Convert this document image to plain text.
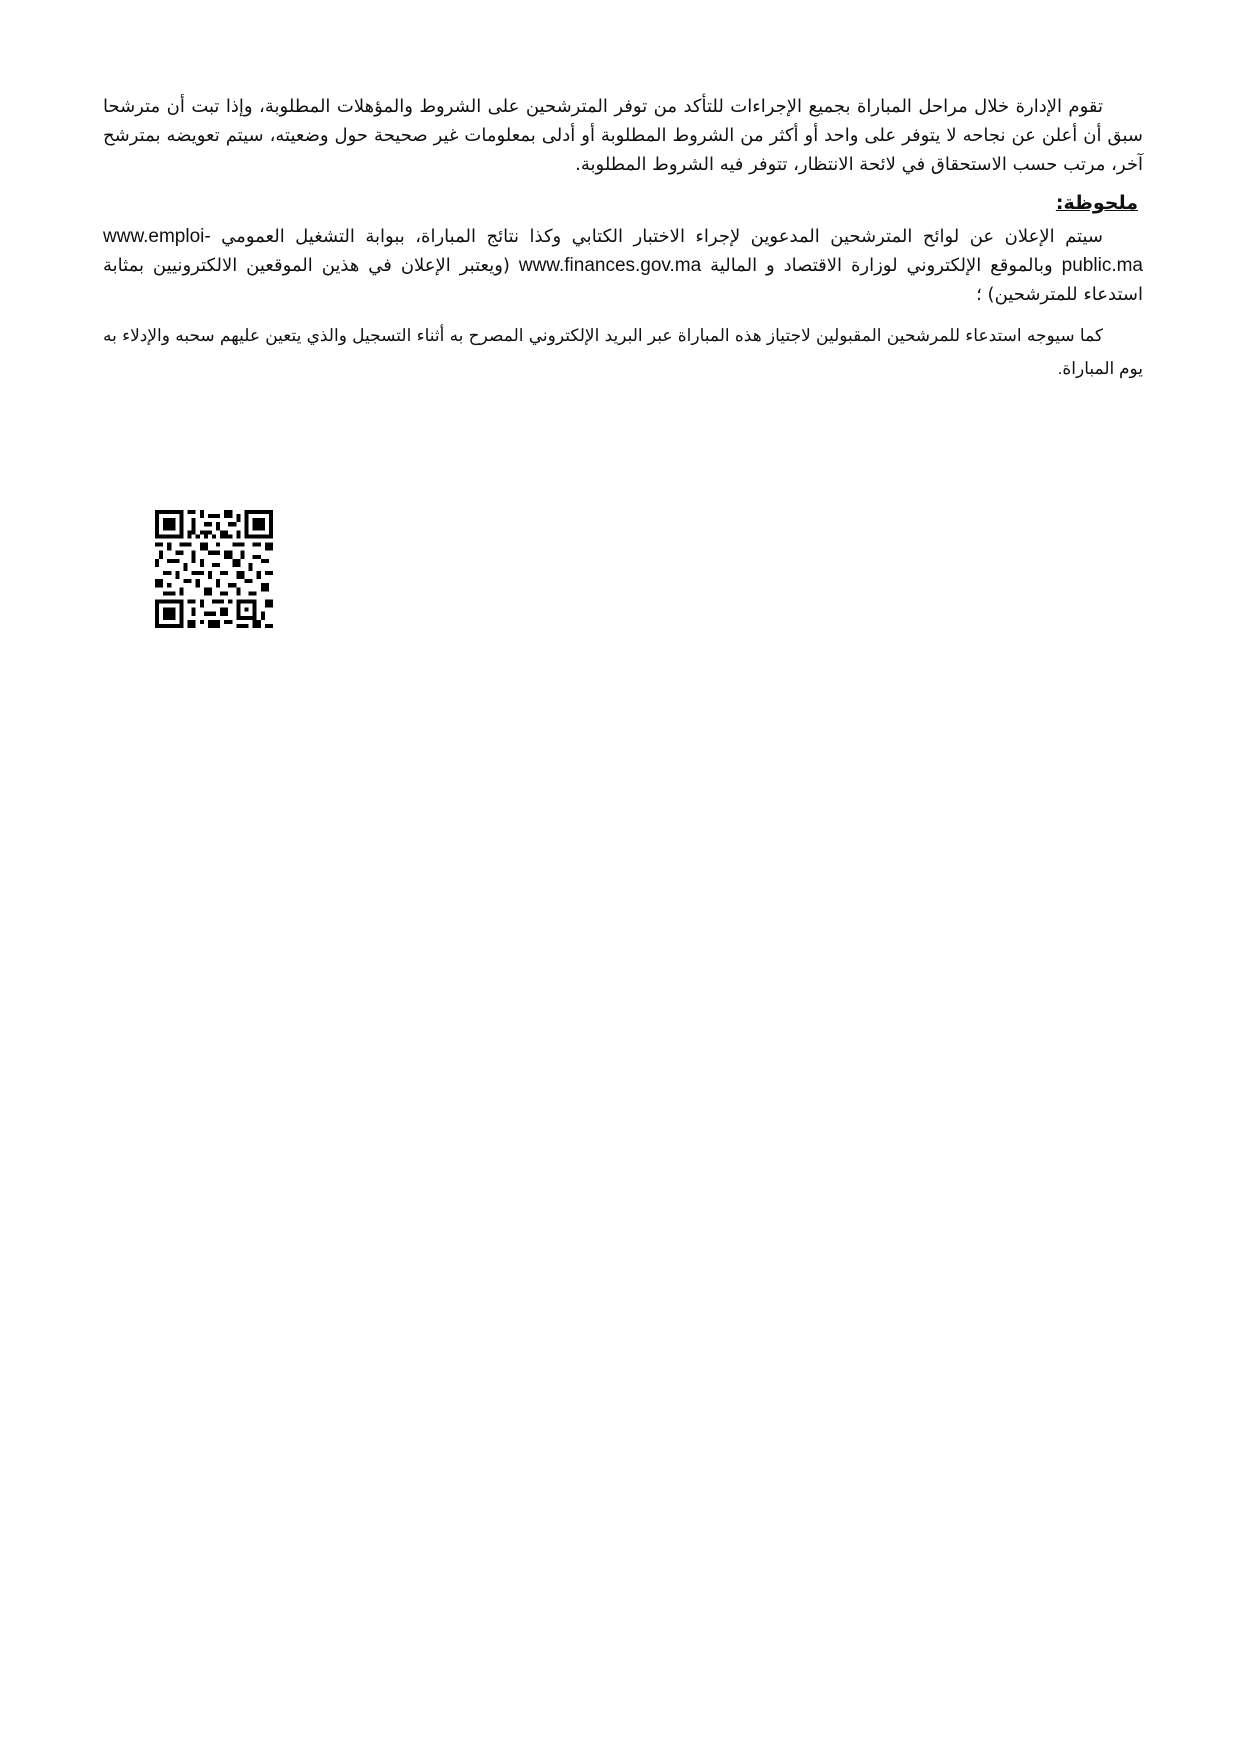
تقوم الإدارة خلال مراحل المباراة بجميع الإجراءات للتأكد من توفر المترشحين على الشروط والمؤهلات المطلوبة، وإذا تبت أن مترشحا سبق أن أعلن عن نجاحه لا يتوفر على واحد أو أكثر من الشروط المطلوبة أو أدلى بمعلومات غير صحيحة حول وضعيته، سيتم تعويضه بمترشح آخر، مرتب حسب الاستحقاق في لائحة الانتظار، تتوفر فيه الشروط المطلوبة.

ملحوظة:

سيتم الإعلان عن لوائح المترشحين المدعوين لإجراء الاختبار الكتابي وكذا نتائج المباراة، ببوابة التشغيل العمومي www.emploi-public.ma وبالموقع الإلكتروني لوزارة الاقتصاد و المالية www.finances.gov.ma (ويعتبر الإعلان في هذين الموقعين الالكترونيين بمثابة استدعاء للمترشحين) ؛

كما سيوجه استدعاء للمرشحين المقبولين لاجتياز هذه المباراة عبر البريد الإلكتروني المصرح به أثناء التسجيل والذي يتعين عليهم سحبه والإدلاء به يوم المباراة.
